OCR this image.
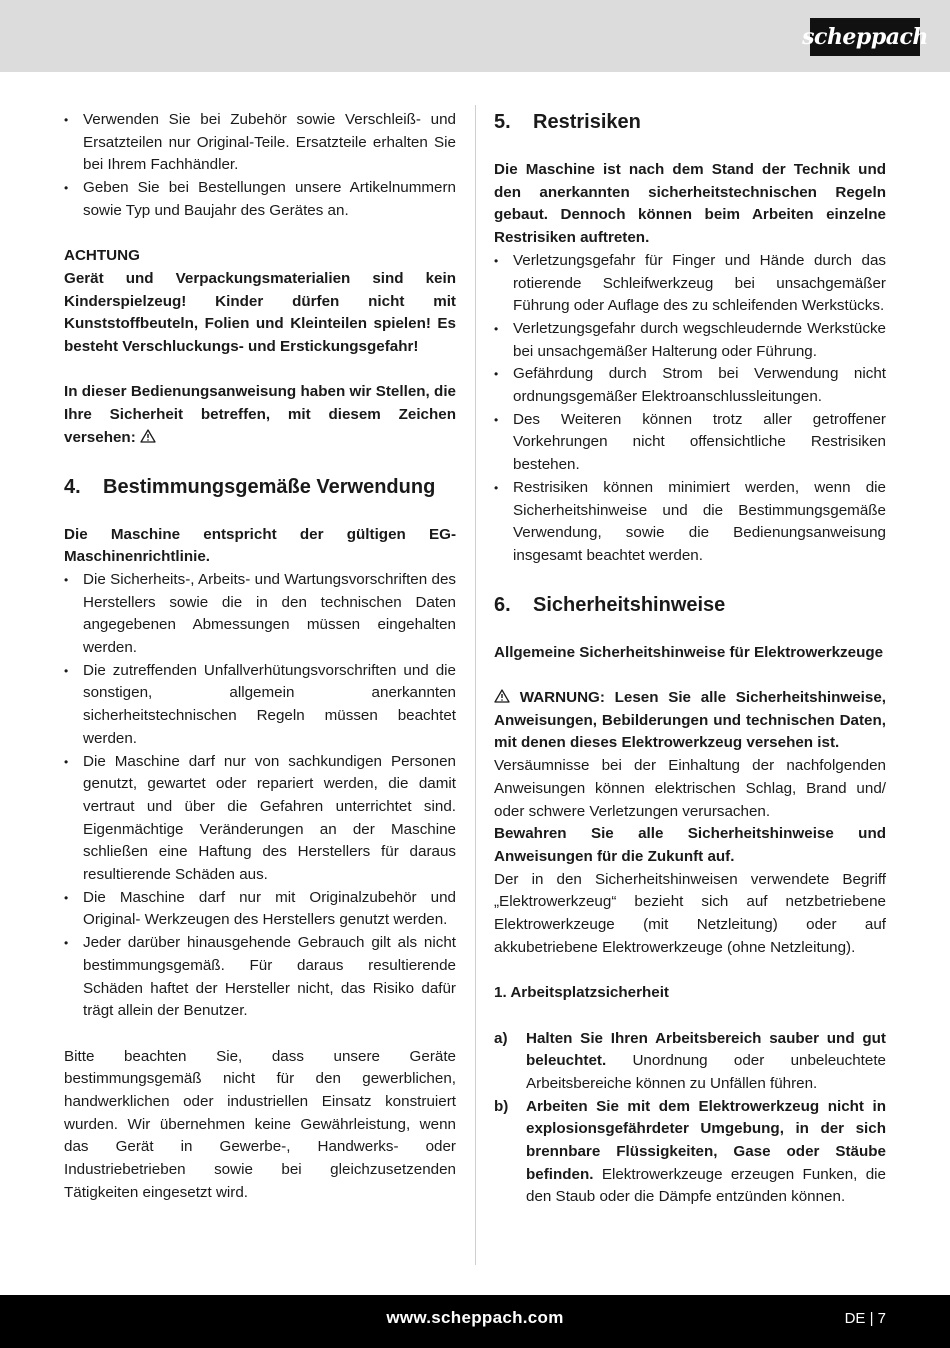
scheppach
• Verwenden Sie bei Zubehör sowie Verschleiß- und Ersatzteilen nur Original-Teile. Ersatzteile erhalten Sie bei Ihrem Fachhändler.
• Geben Sie bei Bestellungen unsere Artikelnummern sowie Typ und Baujahr des Gerätes an.

ACHTUNG

Gerät und Verpackungsmaterialien sind kein Kinderspielzeug! Kinder dürfen nicht mit Kunststoffbeuteln, Folien und Kleinteilen spielen! Es besteht Verschluckungs- und Erstickungsgefahr!

In dieser Bedienungsanweisung haben wir Stellen, die Ihre Sicherheit betreffen, mit diesem Zeichen versehen:

4.	Bestimmungsgemäße Verwendung

Die Maschine entspricht der gültigen EG-Maschinenrichtlinie.

• Die Sicherheits-, Arbeits- und Wartungsvorschriften des Herstellers sowie die in den technischen Daten angegebenen Abmessungen müssen eingehalten werden.
• Die zutreffenden Unfallverhütungsvorschriften und die sonstigen, allgemein anerkannten sicherheitstechnischen Regeln müssen beachtet werden.
• Die Maschine darf nur von sachkundigen Personen genutzt, gewartet oder repariert werden, die damit vertraut und über die Gefahren unterrichtet sind. Eigenmächtige Veränderungen an der Maschine schließen eine Haftung des Herstellers für daraus resultierende Schäden aus.
• Die Maschine darf nur mit Originalzubehör und Original- Werkzeugen des Herstellers genutzt werden.
• Jeder darüber hinausgehende Gebrauch gilt als nicht bestimmungsgemäß. Für daraus resultierende Schäden haftet der Hersteller nicht, das Risiko dafür trägt allein der Benutzer.

Bitte beachten Sie, dass unsere Geräte bestimmungsgemäß nicht für den gewerblichen, handwerklichen oder industriellen Einsatz konstruiert wurden. Wir übernehmen keine Gewährleistung, wenn das Gerät in Gewerbe-, Handwerks- oder Industriebetrieben sowie bei gleichzusetzenden Tätigkeiten eingesetzt wird.

5.	Restrisiken

Die Maschine ist nach dem Stand der Technik und den anerkannten sicherheitstechnischen Regeln gebaut. Dennoch können beim Arbeiten einzelne Restrisiken auftreten.

• Verletzungsgefahr für Finger und Hände durch das rotierende Schleifwerkzeug bei unsachgemäßer Führung oder Auflage des zu schleifenden Werkstücks.
• Verletzungsgefahr durch wegschleudernde Werkstücke bei unsachgemäßer Halterung oder Führung.
• Gefährdung durch Strom bei Verwendung nicht ordnungsgemäßer Elektroanschlussleitungen.
• Des Weiteren können trotz aller getroffener Vorkehrungen nicht offensichtliche Restrisiken bestehen.
• Restrisiken können minimiert werden, wenn die Sicherheitshinweise und die Bestimmungsgemäße Verwendung, sowie die Bedienungsanweisung insgesamt beachtet werden.
6.	Sicherheitshinweise

Allgemeine Sicherheitshinweise für Elektrowerkzeuge

WARNUNG: Lesen Sie alle Sicherheitshinweise, Anweisungen, Bebilderungen und technischen Daten, mit denen dieses Elektrowerkzeug versehen ist.

Versäumnisse bei der Einhaltung der nachfolgenden Anweisungen können elektrischen Schlag, Brand und/ oder schwere Verletzungen verursachen.

Bewahren Sie alle Sicherheitshinweise und Anweisungen für die Zukunft auf.

Der in den Sicherheitshinweisen verwendete Begriff „Elektrowerkzeug“ bezieht sich auf netzbetriebene Elektrowerkzeuge (mit Netzleitung) oder auf akkubetriebene Elektrowerkzeuge (ohne Netzleitung).

1. Arbeitsplatzsicherheit

a)	Halten Sie Ihren Arbeitsbereich sauber und gut beleuchtet. Unordnung oder unbeleuchtete Arbeitsbereiche können zu Unfällen führen.
b)	Arbeiten Sie mit dem Elektrowerkzeug nicht in explosionsgefährdeter Umgebung, in der sich brennbare Flüssigkeiten, Gase oder Stäube befinden. Elektrowerkzeuge erzeugen Funken, die den Staub oder die Dämpfe entzünden können.
www.scheppach.com	DE | 7
